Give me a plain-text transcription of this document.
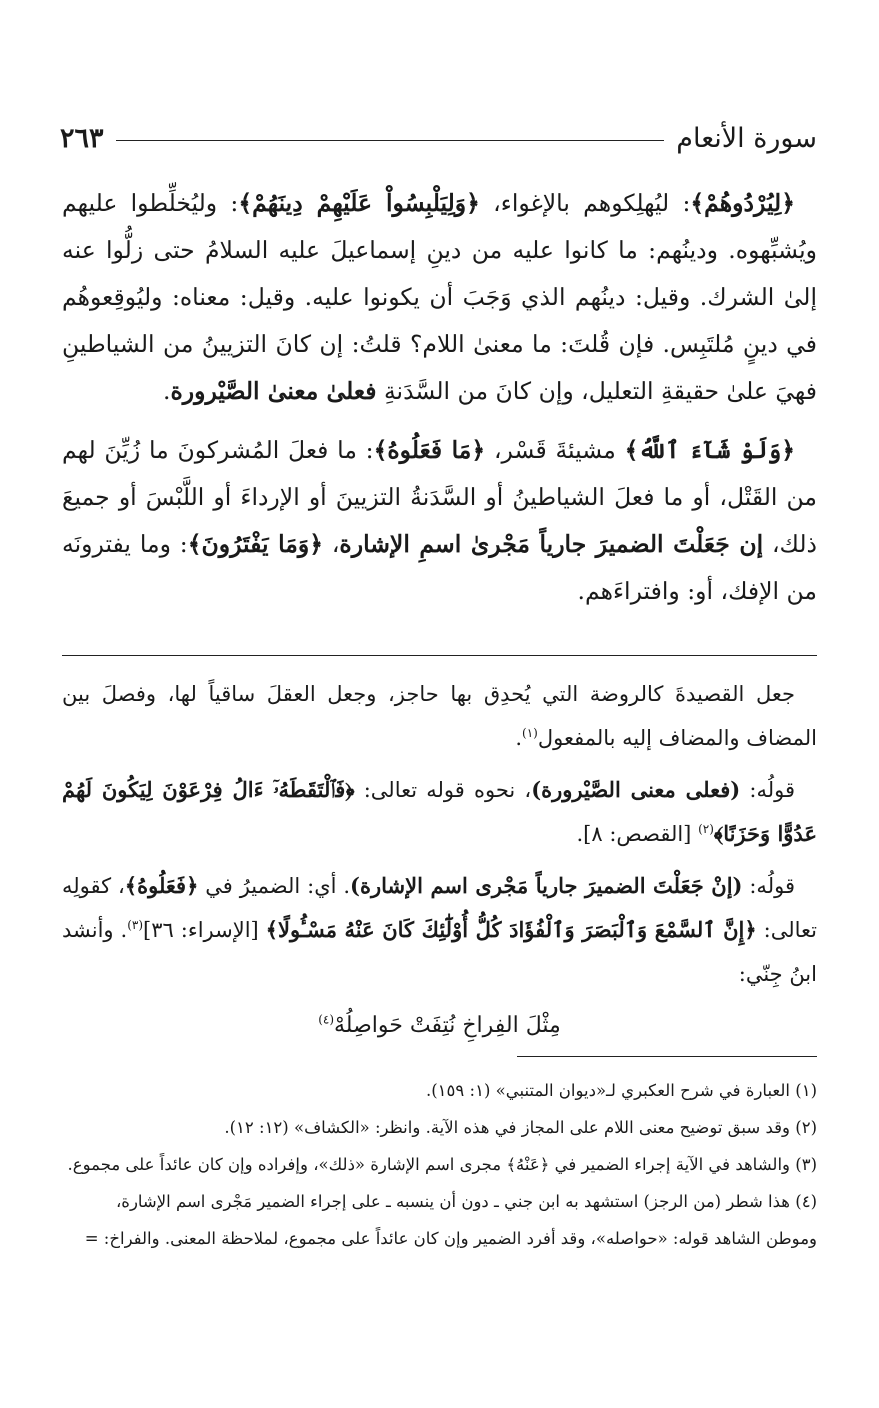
سورة الأنعام
٢٦٣

﴿لِيُرْدُوهُمْ﴾: ليُهلِكوهم بالإغواء، ﴿وَلِيَلْبِسُواْ عَلَيْهِمْ دِينَهُمْ﴾: وليُخلِّطوا عليهم ويُشبِّهوه. ودينُهم: ما كانوا عليه من دينِ إسماعيلَ عليه السلامُ حتى زلُّوا عنه إلىٰ الشرك. وقيل: دينُهم الذي وَجَبَ أن يكونوا عليه. وقيل: معناه: وليُوقِعوهُم في دينٍ مُلتَبِس. فإن قُلتَ: ما معنىٰ اللام؟ قلتُ: إن كانَ التزيينُ من الشياطينِ فهيَ علىٰ حقيقةِ التعليل، وإن كانَ من السَّدَنةِ فعلىٰ معنىٰ الصَّيْرورة.

﴿وَلَوْ شَآءَ ٱللَّهُ﴾ مشيئةَ قَسْر، ﴿مَا فَعَلُوهُ﴾: ما فعلَ المُشركونَ ما زُيِّنَ لهم من القَتْل، أو ما فعلَ الشياطينُ أو السَّدَنةُ التزيينَ أو الإرداءَ أو اللَّبْسَ أو جميعَ ذلك، إن جَعَلْتَ الضميرَ جارياً مَجْرىٰ اسمِ الإشارة، ﴿وَمَا يَفْتَرُونَ﴾: وما يفترونَه من الإفك، أو: وافتراءَهم.

جعل القصيدةَ كالروضة التي يُحدِق بها حاجز، وجعل العقلَ ساقياً لها، وفصلَ بين المضاف والمضاف إليه بالمفعول$^{(١)}$.

قولُه: (فعلى معنى الصَّيْرورة)، نحوه قوله تعالى: ﴿فَٱلْتَقَطَهُۥٓ ءَالُ فِرْعَوْنَ لِيَكُونَ لَهُمْ عَدُوًّا وَحَزَنًا﴾$^{(٢)}$ [القصص: ٨].

قولُه: (إنْ جَعَلْتَ الضميرَ جارياً مَجْرى اسم الإشارة). أي: الضميرُ في ﴿فَعَلُوهُ﴾، كقولِه تعالى: ﴿إِنَّ ٱلسَّمْعَ وَٱلْبَصَرَ وَٱلْفُؤَادَ كُلُّ أُوْلَٰٓئِكَ كَانَ عَنْهُ مَسْـُٔولًا﴾ [الإسراء: ٣٦]$^{(٣)}$. وأنشد ابنُ جِنّي:

مِثْلَ الفِراخِ نُتِفَتْ حَواصِلُهْ$^{(٤)}$

(١) العبارة في شرح العكبري لـ«ديوان المتنبي» (١: ١٥٩).

(٢) وقد سبق توضيح معنى اللام على المجاز في هذه الآية. وانظر: «الكشاف» (١٢: ١٢).

(٣) والشاهد في الآية إجراء الضمير في ﴿عَنْهُ﴾ مجرى اسم الإشارة «ذلك»، وإفراده وإن كان عائداً على مجموع.

(٤) هذا شطر (من الرجز) استشهد به ابن جني ـ دون أن ينسبه ـ على إجراء الضمير مَجْرى اسم الإشارة،

وموطن الشاهد قوله: «حواصله»، وقد أفرد الضمير وإن كان عائداً على مجموع، لملاحظة المعنى. والفراخ: =
